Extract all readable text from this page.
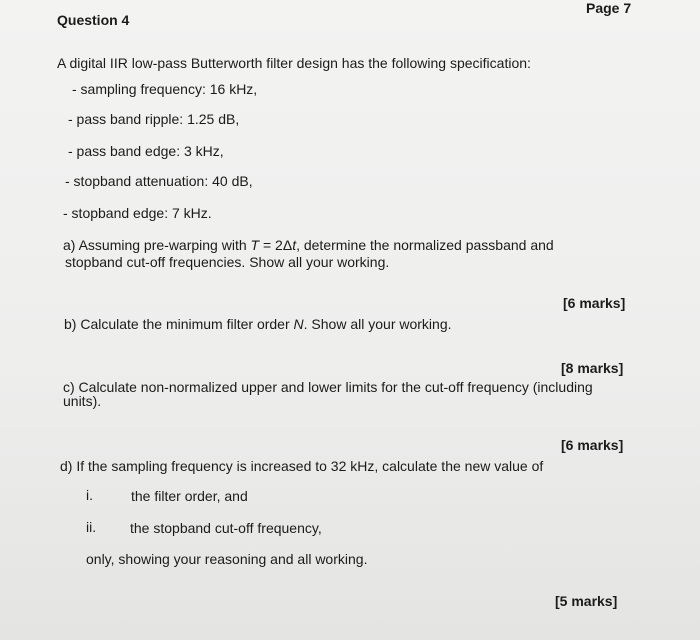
Page 7
Question 4
A digital IIR low-pass Butterworth filter design has the following specification:
- sampling frequency: 16 kHz,
- pass band ripple: 1.25 dB,
- pass band edge: 3 kHz,
- stopband attenuation: 40 dB,
- stopband edge: 7 kHz.
a) Assuming pre-warping with T = 2Δt, determine the normalized passband and
stopband cut-off frequencies. Show all your working.
[6 marks]
b) Calculate the minimum filter order N. Show all your working.
[8 marks]
c) Calculate non-normalized upper and lower limits for the cut-off frequency (including
units).
[6 marks]
d) If the sampling frequency is increased to 32 kHz, calculate the new value of
i.	the filter order, and
ii. the stopband cut-off frequency,
only, showing your reasoning and all working.
[5 marks]
